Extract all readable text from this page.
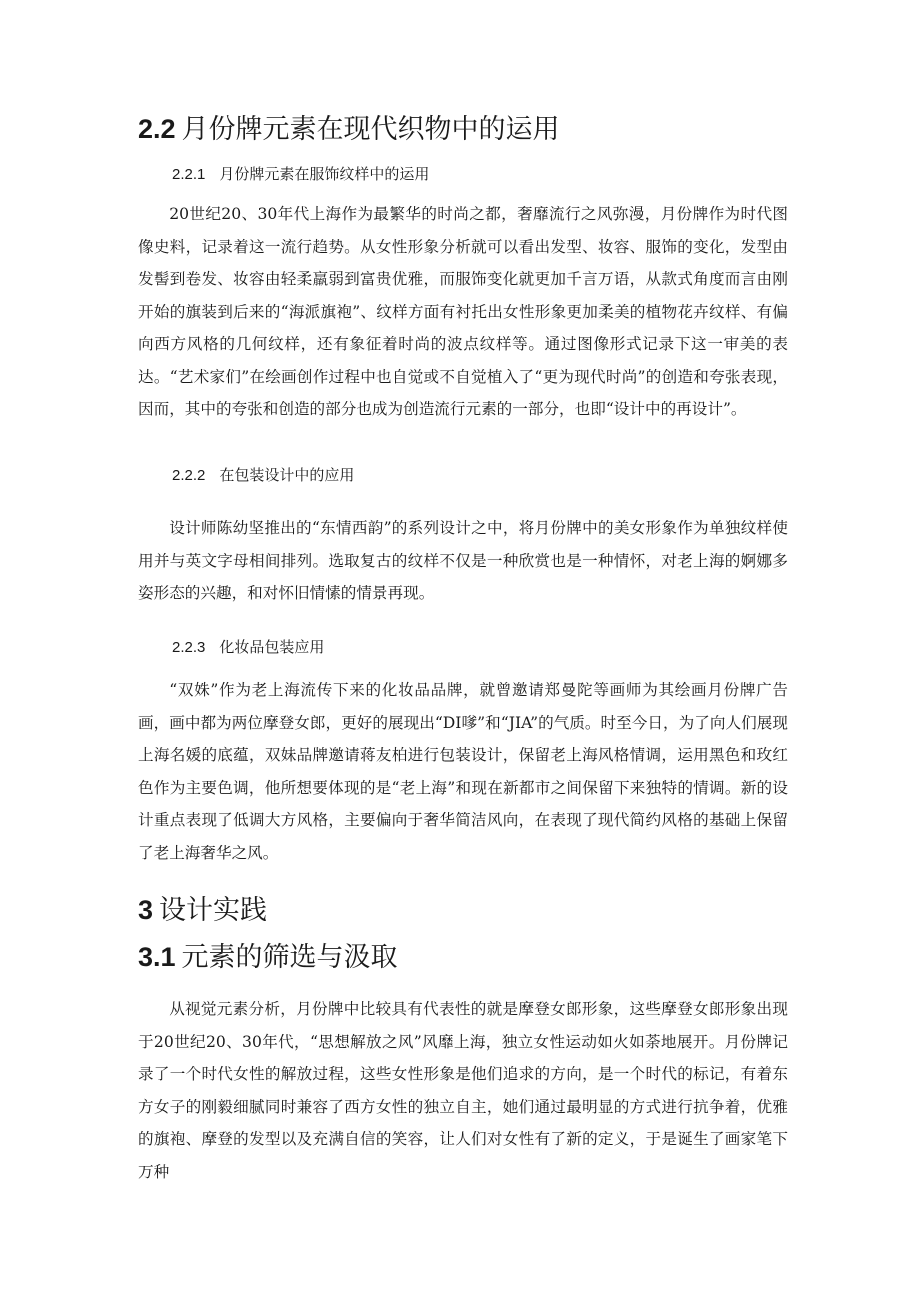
2.2 月份牌元素在现代织物中的运用
2.2.1 月份牌元素在服饰纹样中的运用
20世纪20、30年代上海作为最繁华的时尚之都，奢靡流行之风弥漫，月份牌作为时代图像史料，记录着这一流行趋势。从女性形象分析就可以看出发型、妆容、服饰的变化，发型由发髻到卷发、妆容由轻柔羸弱到富贵优雅，而服饰变化就更加千言万语，从款式角度而言由刚开始的旗装到后来的“海派旗袍”、纹样方面有衬托出女性形象更加柔美的植物花卉纹样、有偏向西方风格的几何纹样，还有象征着时尚的波点纹样等。通过图像形式记录下这一审美的表达。“艺术家们”在绘画创作过程中也自觉或不自觉植入了“更为现代时尚”的创造和夸张表现，因而，其中的夸张和创造的部分也成为创造流行元素的一部分，也即“设计中的再设计”。
2.2.2 在包装设计中的应用
设计师陈幼坚推出的“东情西韵”的系列设计之中，将月份牌中的美女形象作为单独纹样使用并与英文字母相间排列。选取复古的纹样不仅是一种欣赏也是一种情怀，对老上海的婀娜多姿形态的兴趣，和对怀旧情愫的情景再现。
2.2.3 化妆品包装应用
“双姝”作为老上海流传下来的化妆品品牌，就曾邀请郑曼陀等画师为其绘画月份牌广告画，画中都为两位摩登女郎，更好的展现出“DI嗲”和“JIA”的气质。时至今日，为了向人们展现上海名媛的底蕴，双妹品牌邀请蒋友柏进行包装设计，保留老上海风格情调，运用黑色和玫红色作为主要色调，他所想要体现的是“老上海”和现在新都市之间保留下来独特的情调。新的设计重点表现了低调大方风格，主要偏向于奢华简洁风向，在表现了现代简约风格的基础上保留了老上海奢华之风。
3 设计实践
3.1 元素的筛选与汲取
从视觉元素分析，月份牌中比较具有代表性的就是摩登女郎形象，这些摩登女郎形象出现于20世纪20、30年代，“思想解放之风”风靡上海，独立女性运动如火如荼地展开。月份牌记录了一个时代女性的解放过程，这些女性形象是他们追求的方向，是一个时代的标记，有着东方女子的刚毅细腻同时兼容了西方女性的独立自主，她们通过最明显的方式进行抗争着，优雅的旗袍、摩登的发型以及充满自信的笑容，让人们对女性有了新的定义，于是诞生了画家笔下万种
